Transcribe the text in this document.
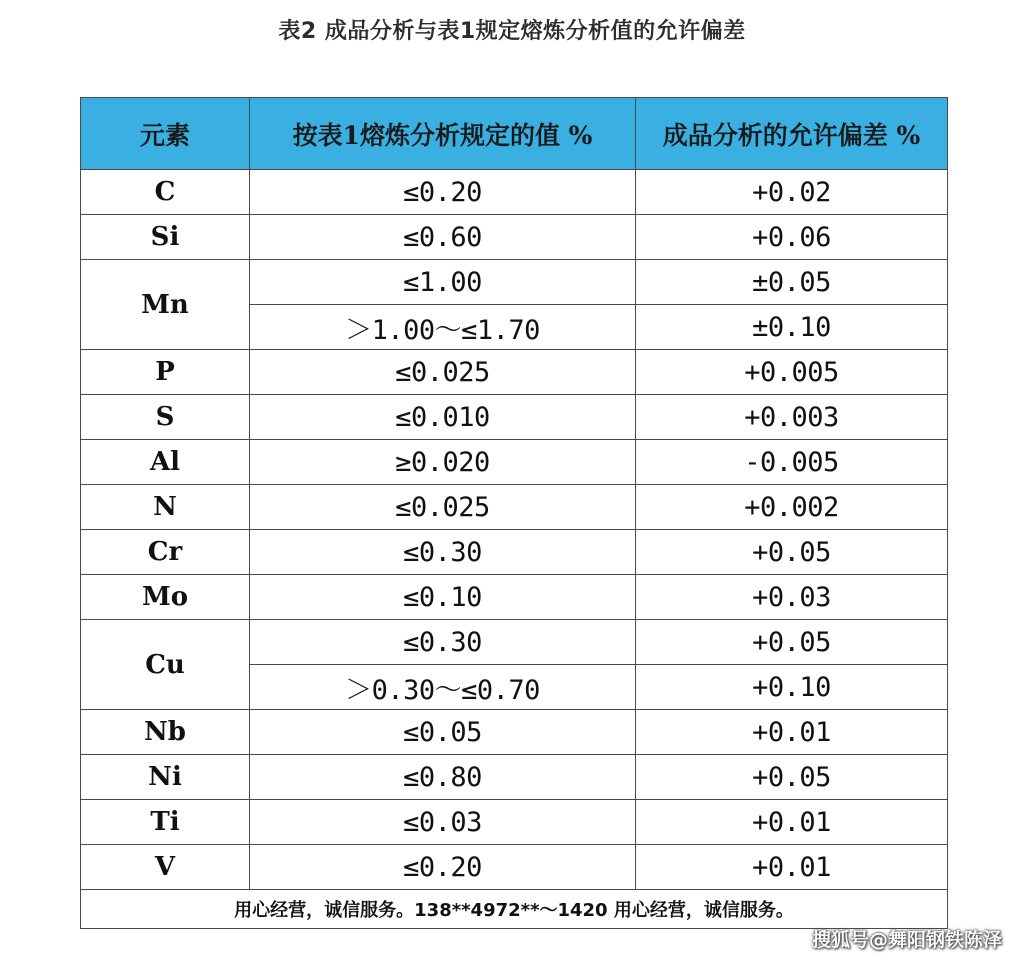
表2 成品分析与表1规定熔炼分析值的允许偏差
元素	按表1熔炼分析规定的值 %	成品分析的允许偏差 %
C	≤0.20	+0.02
Si	≤0.60	+0.06
Mn	≤1.00	±0.05
	＞1.00～≤1.70	±0.10
P	≤0.025	+0.005
S	≤0.010	+0.003
Al	≥0.020	-0.005
N	≤0.025	+0.002
Cr	≤0.30	+0.05
Mo	≤0.10	+0.03
Cu	≤0.30	+0.05
	＞0.30～≤0.70	+0.10
Nb	≤0.05	+0.01
Ni	≤0.80	+0.05
Ti	≤0.03	+0.01
V	≤0.20	+0.01
用心经营，诚信服务。138**4972**～1420 用心经营，诚信服务。		
搜狐号@舞阳钢铁陈泽
